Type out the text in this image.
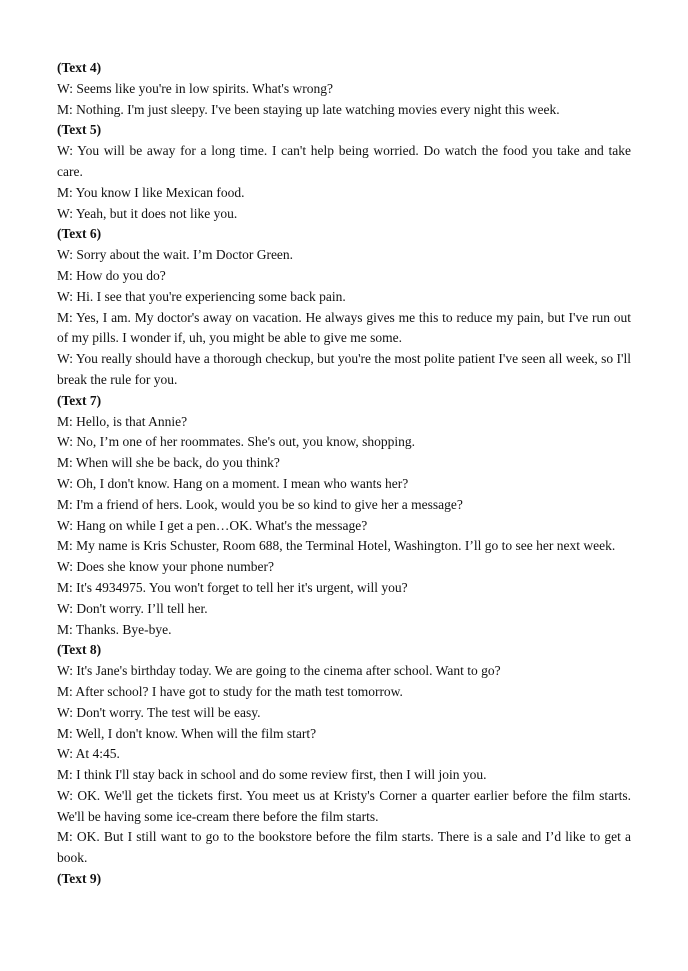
(Text 4)

W: Seems like you're in low spirits. What's wrong?

M: Nothing. I'm just sleepy. I've been staying up late watching movies every night this week.

(Text 5)

W: You will be away for a long time. I can't help being worried. Do watch the food you take and take care.

M: You know I like Mexican food.

W: Yeah, but it does not like you.

(Text 6)

W: Sorry about the wait. I’m Doctor Green.

M: How do you do?

W: Hi. I see that you're experiencing some back pain.

M: Yes, I am. My doctor's away on vacation. He always gives me this to reduce my pain, but I've run out of my pills. I wonder if, uh, you might be able to give me some.

W: You really should have a thorough checkup, but you're the most polite patient I've seen all week, so I'll break the rule for you.

(Text 7)

M: Hello, is that Annie?

W: No, I’m one of her roommates. She's out, you know, shopping.

M: When will she be back, do you think?

W: Oh, I don't know. Hang on a moment. I mean who wants her?

M: I'm a friend of hers. Look, would you be so kind to give her a message?

W: Hang on while I get a pen…OK. What's the message?

M: My name is Kris Schuster, Room 688, the Terminal Hotel, Washington. I’ll go to see her next week.

W: Does she know your phone number?

M: It's 4934975. You won't forget to tell her it's urgent, will you?

W: Don't worry. I’ll tell her.

M: Thanks. Bye-bye.

(Text 8)

W: It's Jane's birthday today. We are going to the cinema after school. Want to go?

M: After school? I have got to study for the math test tomorrow.

W: Don't worry. The test will be easy.

M: Well, I don't know. When will the film start?

W: At 4:45.

M: I think I'll stay back in school and do some review first, then I will join you.

W: OK. We'll get the tickets first. You meet us at Kristy's Corner a quarter earlier before the film starts. We'll be having some ice-cream there before the film starts.

M: OK. But I still want to go to the bookstore before the film starts. There is a sale and I’d like to get a book.

(Text 9)
